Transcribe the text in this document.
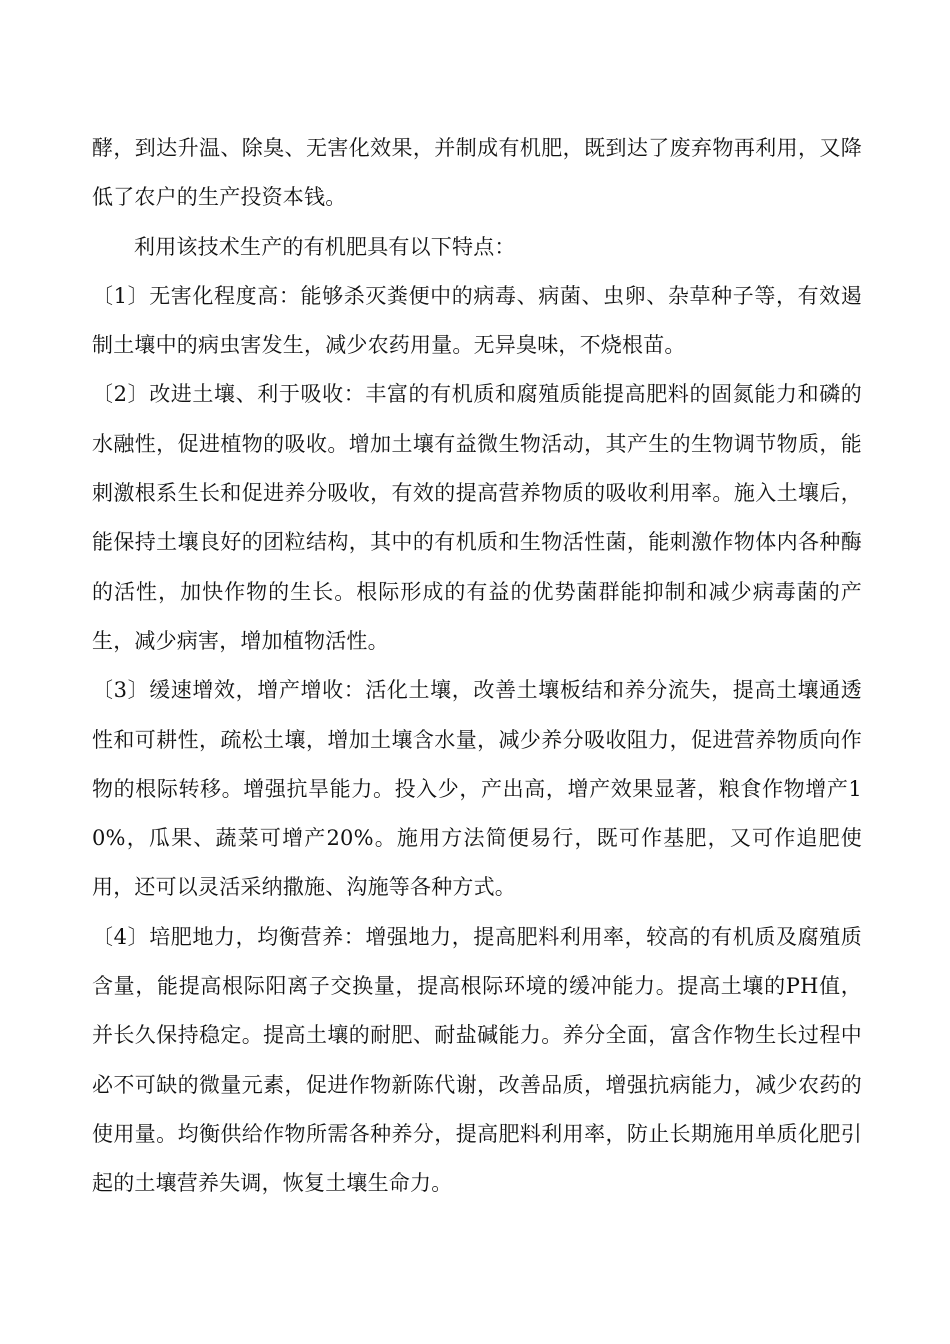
酵，到达升温、除臭、无害化效果，并制成有机肥，既到达了废弃物再利用，又降低了农户的生产投资本钱。

利用该技术生产的有机肥具有以下特点：

〔1〕无害化程度高：能够杀灭粪便中的病毒、病菌、虫卵、杂草种子等，有效遏制土壤中的病虫害发生，减少农药用量。无异臭味，不烧根苗。

〔2〕改进土壤、利于吸收：丰富的有机质和腐殖质能提高肥料的固氮能力和磷的水融性，促进植物的吸收。增加土壤有益微生物活动，其产生的生物调节物质，能刺激根系生长和促进养分吸收，有效的提高营养物质的吸收利用率。施入土壤后，能保持土壤良好的团粒结构，其中的有机质和生物活性菌，能刺激作物体内各种酶的活性，加快作物的生长。根际形成的有益的优势菌群能抑制和减少病毒菌的产生，减少病害，增加植物活性。

〔3〕缓速增效，增产增收：活化土壤，改善土壤板结和养分流失，提高土壤通透性和可耕性，疏松土壤，增加土壤含水量，减少养分吸收阻力，促进营养物质向作物的根际转移。增强抗旱能力。投入少，产出高，增产效果显著，粮食作物增产10%，瓜果、蔬菜可增产20%。施用方法简便易行，既可作基肥，又可作追肥使用，还可以灵活采纳撒施、沟施等各种方式。

〔4〕培肥地力，均衡营养：增强地力，提高肥料利用率，较高的有机质及腐殖质含量，能提高根际阳离子交换量，提高根际环境的缓冲能力。提高土壤的PH值，并长久保持稳定。提高土壤的耐肥、耐盐碱能力。养分全面，富含作物生长过程中必不可缺的微量元素，促进作物新陈代谢，改善品质，增强抗病能力，减少农药的使用量。均衡供给作物所需各种养分，提高肥料利用率，防止长期施用单质化肥引起的土壤营养失调，恢复土壤生命力。
